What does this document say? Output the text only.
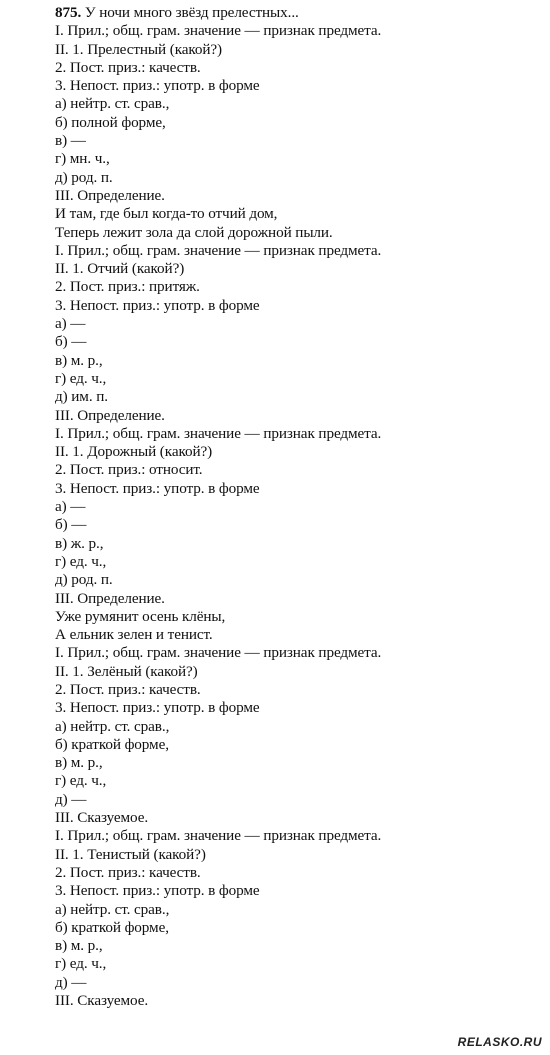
875. У ночи много звёзд прелестных...
I. Прил.; общ. грам. значение — признак предмета.
II. 1. Прелестный (какой?)
2. Пост. приз.: качеств.
3. Непост. приз.: употр. в форме
а) нейтр. ст. срав.,
б) полной форме,
в) —
г) мн. ч.,
д) род. п.
III. Определение.
И там, где был когда-то отчий дом,
Теперь лежит зола да слой дорожной пыли.
I. Прил.; общ. грам. значение — признак предмета.
II. 1. Отчий (какой?)
2. Пост. приз.: притяж.
3. Непост. приз.: употр. в форме
а) —
б) —
в) м. р.,
г) ед. ч.,
д) им. п.
III. Определение.
I. Прил.; общ. грам. значение — признак предмета.
II. 1. Дорожный (какой?)
2. Пост. приз.: относит.
3. Непост. приз.: употр. в форме
а) —
б) —
в) ж. р.,
г) ед. ч.,
д) род. п.
III. Определение.
Уже румянит осень клёны,
А ельник зелен и тенист.
I. Прил.; общ. грам. значение — признак предмета.
II. 1. Зелёный (какой?)
2. Пост. приз.: качеств.
3. Непост. приз.: употр. в форме
а) нейтр. ст. срав.,
б) краткой форме,
в) м. р.,
г) ед. ч.,
д) —
III. Сказуемое.
I. Прил.; общ. грам. значение — признак предмета.
II. 1. Тенистый (какой?)
2. Пост. приз.: качеств.
3. Непост. приз.: употр. в форме
а) нейтр. ст. срав.,
б) краткой форме,
в) м. р.,
г) ед. ч.,
д) —
III. Сказуемое.
RELASKO.RU
